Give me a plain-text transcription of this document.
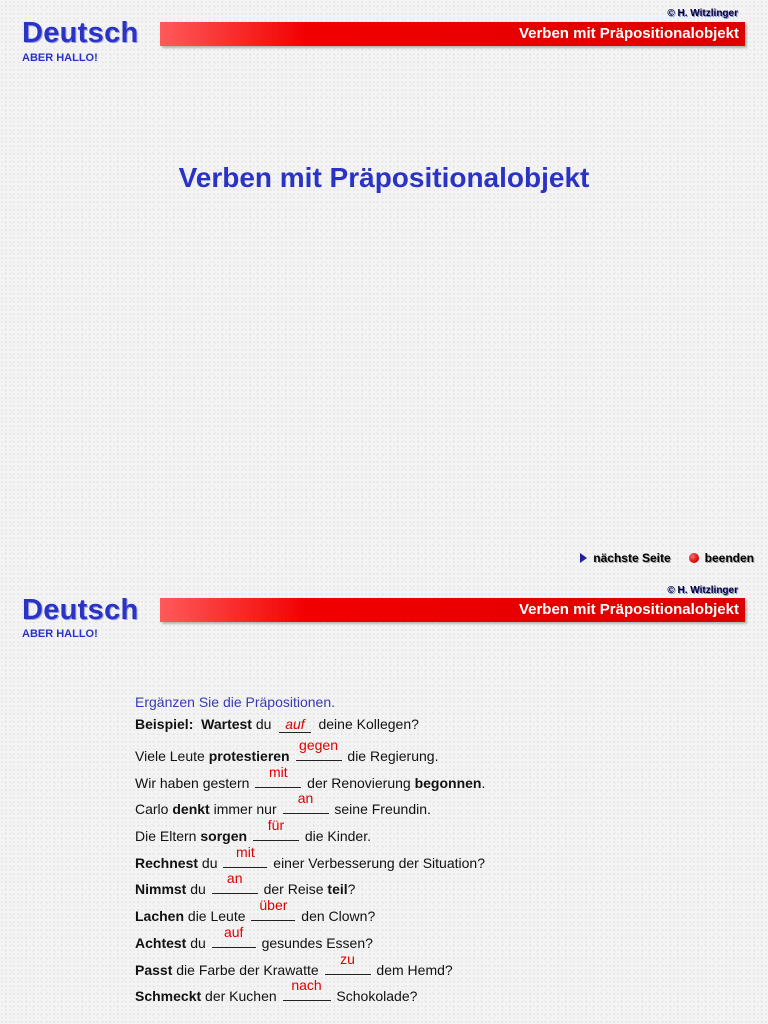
© H. Witzlinger
Deutsch
ABER HALLO!
Verben mit Präpositionalobjekt
Verben mit Präpositionalobjekt
nächste Seite	beenden
© H. Witzlinger
Deutsch
ABER HALLO!
Verben mit Präpositionalobjekt
Ergänzen Sie die Präpositionen.
Beispiel: Wartest du auf deine Kollegen?
Viele Leute protestieren
gegen
die Regierung.
Wir haben gestern
mit
der Renovierung begonnen.
Carlo denkt immer nur
an
seine Freundin.
Die Eltern sorgen
für
die Kinder.
Rechnest du
mit
einer Verbesserung der Situation?
Nimmst du
an
der Reise teil?
Lachen die Leute
über
den Clown?
Achtest du
auf
gesundes Essen?
Passt die Farbe der Krawatte
zu
dem Hemd?
Schmeckt der Kuchen
nach
Schokolade?
